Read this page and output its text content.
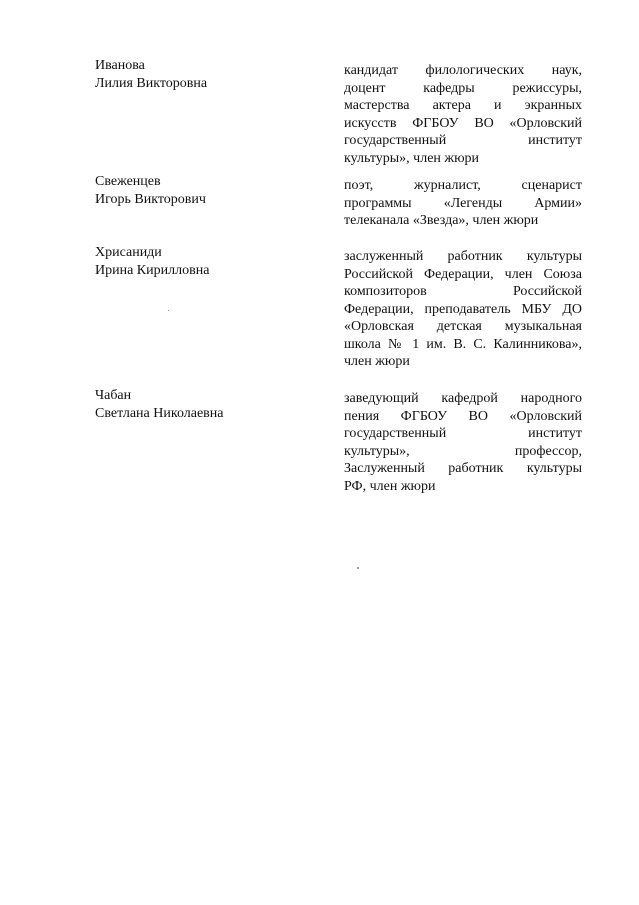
Иванова
Лилия Викторовна
кандидат филологических наук,
доцент кафедры режиссуры,
мастерства актера и экранных
искусств ФГБОУ ВО «Орловский
государственный институт
культуры», член жюри
Свеженцев
Игорь Викторович
поэт, журналист, сценарист
программы «Легенды Армии»
телеканала «Звезда», член жюри
Хрисаниди
Ирина Кирилловна
заслуженный работник культуры
Российской Федерации, член Союза
композиторов Российской
Федерации, преподаватель МБУ ДО
«Орловская детская музыкальная
школа № 1 им. В. С. Калинникова»,
член жюри
Чабан
Светлана Николаевна
заведующий кафедрой народного
пения ФГБОУ ВО «Орловский
государственный институт
культуры», профессор,
Заслуженный работник культуры
РФ, член жюри
